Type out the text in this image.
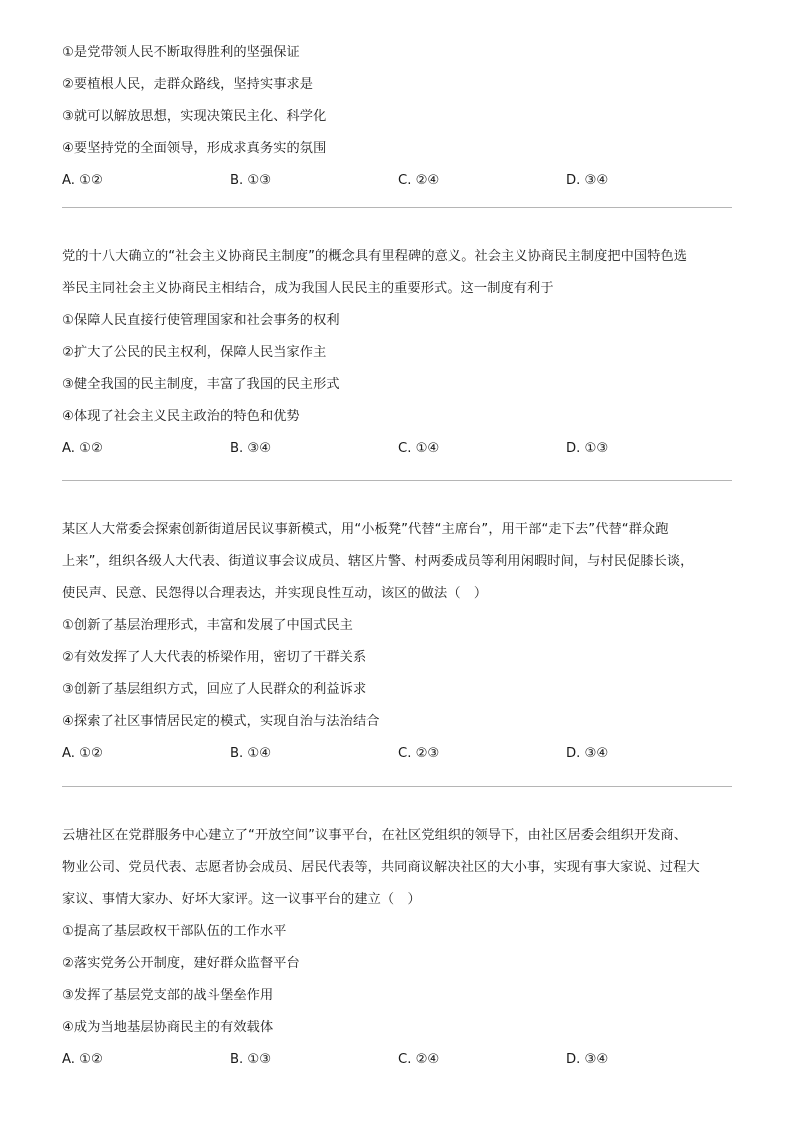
①是党带领人民不断取得胜利的坚强保证
②要植根人民，走群众路线，坚持实事求是
③就可以解放思想，实现决策民主化、科学化
④要坚持党的全面领导，形成求真务实的氛围
A. ①②	B. ①③	C. ②④	D. ③④
党的十八大确立的“社会主义协商民主制度”的概念具有里程碑的意义。社会主义协商民主制度把中国特色选
举民主同社会主义协商民主相结合，成为我国人民民主的重要形式。这一制度有利于
①保障人民直接行使管理国家和社会事务的权利
②扩大了公民的民主权利，保障人民当家作主
③健全我国的民主制度，丰富了我国的民主形式
④体现了社会主义民主政治的特色和优势
A. ①②	B. ③④	C. ①④	D. ①③
某区人大常委会探索创新街道居民议事新模式，用“小板凳”代替“主席台”，用干部“走下去”代替“群众跑
上来”，组织各级人大代表、街道议事会议成员、辖区片警、村两委成员等利用闲暇时间，与村民促膝长谈，
使民声、民意、民怨得以合理表达，并实现良性互动，该区的做法（　）
①创新了基层治理形式，丰富和发展了中国式民主
②有效发挥了人大代表的桥梁作用，密切了干群关系
③创新了基层组织方式，回应了人民群众的利益诉求
④探索了社区事情居民定的模式，实现自治与法治结合
A. ①②	B. ①④	C. ②③	D. ③④
云塘社区在党群服务中心建立了“开放空间”议事平台，在社区党组织的领导下，由社区居委会组织开发商、
物业公司、党员代表、志愿者协会成员、居民代表等，共同商议解决社区的大小事，实现有事大家说、过程大
家议、事情大家办、好坏大家评。这一议事平台的建立（　）
①提高了基层政权干部队伍的工作水平
②落实党务公开制度，建好群众监督平台
③发挥了基层党支部的战斗堡垒作用
④成为当地基层协商民主的有效载体
A. ①②	B. ①③	C. ②④	D. ③④
